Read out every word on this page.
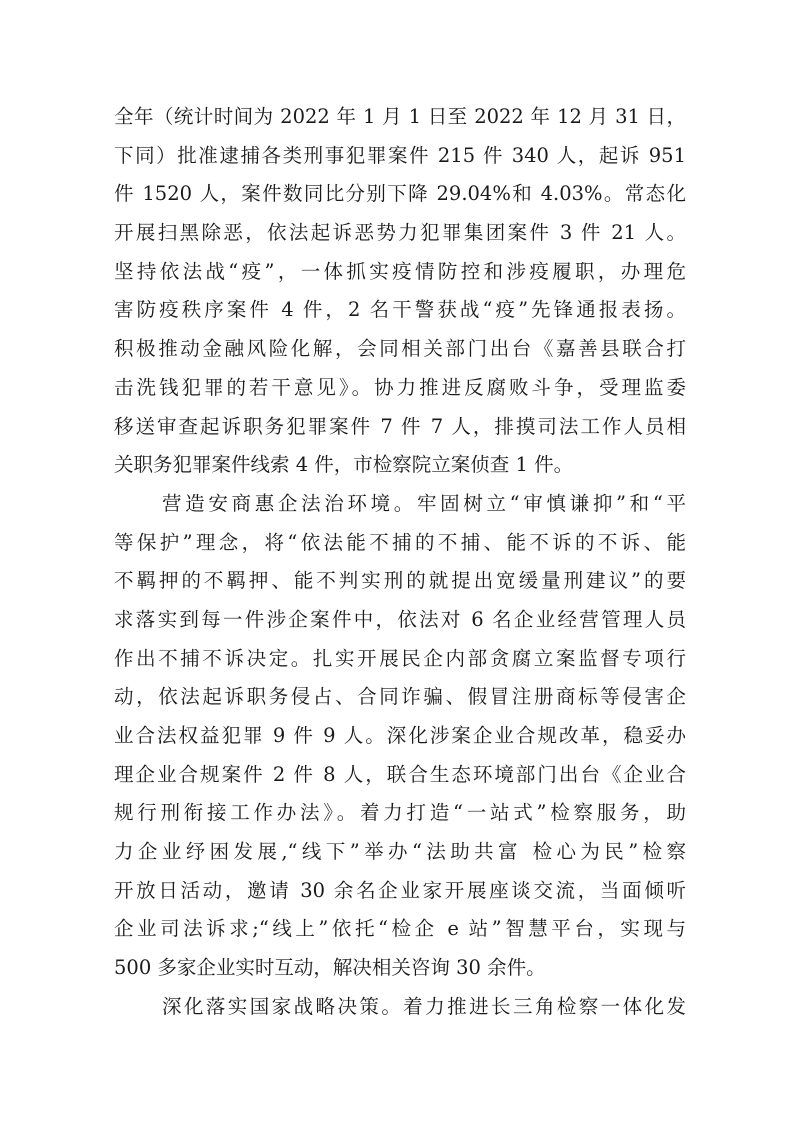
全年（统计时间为 2022 年 1 月 1 日至 2022 年 12 月 31 日，
下同）批准逮捕各类刑事犯罪案件 215 件 340 人，起诉 951
件 1520 人，案件数同比分别下降 29.04%和 4.03%。常态化
开展扫黑除恶，依法起诉恶势力犯罪集团案件 3 件 21 人。
坚持依法战“疫”，一体抓实疫情防控和涉疫履职，办理危
害防疫秩序案件 4 件，2 名干警获战“疫”先锋通报表扬。
积极推动金融风险化解，会同相关部门出台《嘉善县联合打
击洗钱犯罪的若干意见》。协力推进反腐败斗争，受理监委
移送审查起诉职务犯罪案件 7 件 7 人，排摸司法工作人员相
关职务犯罪案件线索 4 件，市检察院立案侦查 1 件。
营造安商惠企法治环境。牢固树立“审慎谦抑”和“平
等保护”理念，将“依法能不捕的不捕、能不诉的不诉、能
不羁押的不羁押、能不判实刑的就提出宽缓量刑建议”的要
求落实到每一件涉企案件中，依法对 6 名企业经营管理人员
作出不捕不诉决定。扎实开展民企内部贪腐立案监督专项行
动，依法起诉职务侵占、合同诈骗、假冒注册商标等侵害企
业合法权益犯罪 9 件 9 人。深化涉案企业合规改革，稳妥办
理企业合规案件 2 件 8 人，联合生态环境部门出台《企业合
规行刑衔接工作办法》。着力打造“一站式”检察服务，助
力企业纾困发展,“线下”举办“法助共富 检心为民”检察
开放日活动，邀请 30 余名企业家开展座谈交流，当面倾听
企业司法诉求;“线上”依托“检企 e 站”智慧平台，实现与
500 多家企业实时互动，解决相关咨询 30 余件。
深化落实国家战略决策。着力推进长三角检察一体化发
